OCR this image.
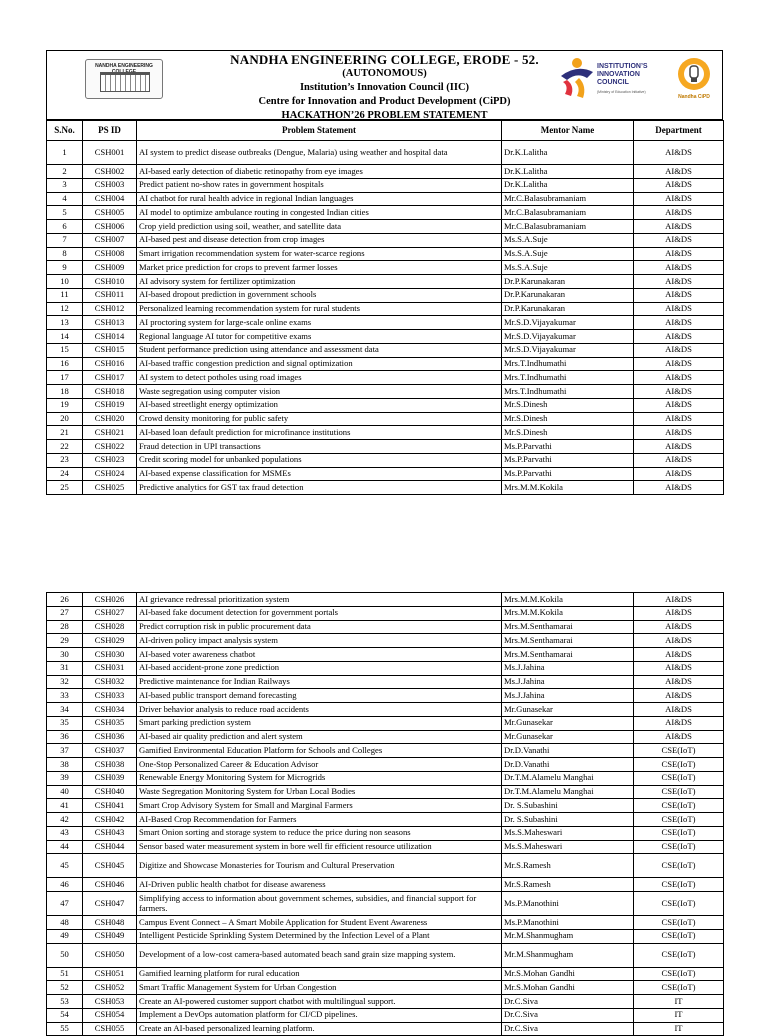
NANDHA ENGINEERING	NANDHA ENGINEERING COLLEGE, ERODE - 52.
(AUTONOMOUS)
Institution’s Innovation Council (IIC)
Centre for Innovation and Product Development (CiPD)
HACKATHON’26 PROBLEM STATEMENT
INSTITUTION’S
INNOVATION
COUNCIL
(Ministry of Education Initiative)
Nandha CiPD
S.No.	PS ID	Problem Statement	Mentor Name	Department
1	CSH001	AI system to predict disease outbreaks (Dengue, Malaria) using weather and hospital data	Dr.K.Lalitha	AI&DS
2	CSH002	AI-based early detection of diabetic retinopathy from eye images	Dr.K.Lalitha	AI&DS
3	CSH003	Predict patient no-show rates in government hospitals	Dr.K.Lalitha	AI&DS
4	CSH004	AI chatbot for rural health advice in regional Indian languages	Mr.C.Balasubramaniam	AI&DS
5	CSH005	AI model to optimize ambulance routing in congested Indian cities	Mr.C.Balasubramaniam	AI&DS
6	CSH006	Crop yield prediction using soil, weather, and satellite data	Mr.C.Balasubramaniam	AI&DS
7	CSH007	AI-based pest and disease detection from crop images	Ms.S.A.Suje	AI&DS
8	CSH008	Smart irrigation recommendation system for water-scarce regions	Ms.S.A.Suje	AI&DS
9	CSH009	Market price prediction for crops to prevent farmer losses	Ms.S.A.Suje	AI&DS
10	CSH010	AI advisory system for fertilizer optimization	Dr.P.Karunakaran	AI&DS
11	CSH011	AI-based dropout prediction in government schools	Dr.P.Karunakaran	AI&DS
12	CSH012	Personalized learning recommendation system for rural students	Dr.P.Karunakaran	AI&DS
13	CSH013	AI proctoring system for large-scale online exams	Mr.S.D.Vijayakumar	AI&DS
14	CSH014	Regional language AI tutor for competitive exams	Mr.S.D.Vijayakumar	AI&DS
15	CSH015	Student performance prediction using attendance and assessment data	Mr.S.D.Vijayakumar	AI&DS
16	CSH016	AI-based traffic congestion prediction and signal optimization	Mrs.T.Indhumathi	AI&DS
17	CSH017	AI system to detect potholes using road images	Mrs.T.Indhumathi	AI&DS
18	CSH018	Waste segregation using computer vision	Mrs.T.Indhumathi	AI&DS
19	CSH019	AI-based streetlight energy optimization	Mr.S.Dinesh	AI&DS
20	CSH020	Crowd density monitoring for public safety	Mr.S.Dinesh	AI&DS
21	CSH021	AI-based loan default prediction for microfinance institutions	Mr.S.Dinesh	AI&DS
22	CSH022	Fraud detection in UPI transactions	Ms.P.Parvathi	AI&DS
23	CSH023	Credit scoring model for unbanked populations	Ms.P.Parvathi	AI&DS
24	CSH024	AI-based expense classification for MSMEs	Ms.P.Parvathi	AI&DS
25	CSH025	Predictive analytics for GST tax fraud detection	Mrs.M.M.Kokila	AI&DS
26	CSH026	AI grievance redressal prioritization system	Mrs.M.M.Kokila	AI&DS
27	CSH027	AI-based fake document detection for government portals	Mrs.M.M.Kokila	AI&DS
28	CSH028	Predict corruption risk in public procurement data	Mrs.M.Senthamarai	AI&DS
29	CSH029	AI-driven policy impact analysis system	Mrs.M.Senthamarai	AI&DS
30	CSH030	AI-based voter awareness chatbot	Mrs.M.Senthamarai	AI&DS
31	CSH031	AI-based accident-prone zone prediction	Ms.J.Jahina	AI&DS
32	CSH032	Predictive maintenance for Indian Railways	Ms.J.Jahina	AI&DS
33	CSH033	AI-based public transport demand forecasting	Ms.J.Jahina	AI&DS
34	CSH034	Driver behavior analysis to reduce road accidents	Mr.Gunasekar	AI&DS
35	CSH035	Smart parking prediction system	Mr.Gunasekar	AI&DS
36	CSH036	AI-based air quality prediction and alert system	Mr.Gunasekar	AI&DS
37	CSH037	Gamified Environmental Education Platform for Schools and Colleges	Dr.D.Vanathi	CSE(IoT)
38	CSH038	One-Stop Personalized Career & Education Advisor	Dr.D.Vanathi	CSE(IoT)
39	CSH039	Renewable Energy Monitoring System for Microgrids	Dr.T.M.Alamelu Manghai	CSE(IoT)
40	CSH040	Waste Segregation Monitoring System for Urban Local Bodies	Dr.T.M.Alamelu Manghai	CSE(IoT)
41	CSH041	Smart Crop Advisory System for Small and Marginal Farmers	Dr. S.Subashini	CSE(IoT)
42	CSH042	AI-Based Crop Recommendation for Farmers	Dr. S.Subashini	CSE(IoT)
43	CSH043	Smart Onion sorting and storage system to reduce the price during non seasons	Ms.S.Maheswari	CSE(IoT)
44	CSH044	Sensor based water measurement system in bore well fir efficient resource utilization	Ms.S.Maheswari	CSE(IoT)
45	CSH045	Digitize and Showcase Monasteries for Tourism and Cultural Preservation	Mr.S.Ramesh	CSE(IoT)
46	CSH046	AI-Driven public health chatbot for disease awareness	Mr.S.Ramesh	CSE(IoT)
47	CSH047	Simplifying access to information about government schemes, subsidies, and financial support for farmers.	Ms.P.Manothini	CSE(IoT)
48	CSH048	Campus Event Connect – A Smart Mobile Application for Student Event Awareness	Ms.P.Manothini	CSE(IoT)
49	CSH049	Intelligent Pesticide Sprinkling System Determined by the Infection Level of a Plant	Mr.M.Shanmugham	CSE(IoT)
50	CSH050	Development of a low-cost camera-based automated beach sand grain size mapping system.	Mr.M.Shanmugham	CSE(IoT)
51	CSH051	Gamified learning platform for rural education	Mr.S.Mohan Gandhi	CSE(IoT)
52	CSH052	Smart Traffic Management System for Urban Congestion	Mr.S.Mohan Gandhi	CSE(IoT)
53	CSH053	Create an AI-powered customer support chatbot with multilingual support.	Dr.C.Siva	IT
54	CSH054	Implement a DevOps automation platform for CI/CD pipelines.	Dr.C.Siva	IT
55	CSH055	Create an AI-based personalized learning platform.	Dr.C.Siva	IT
